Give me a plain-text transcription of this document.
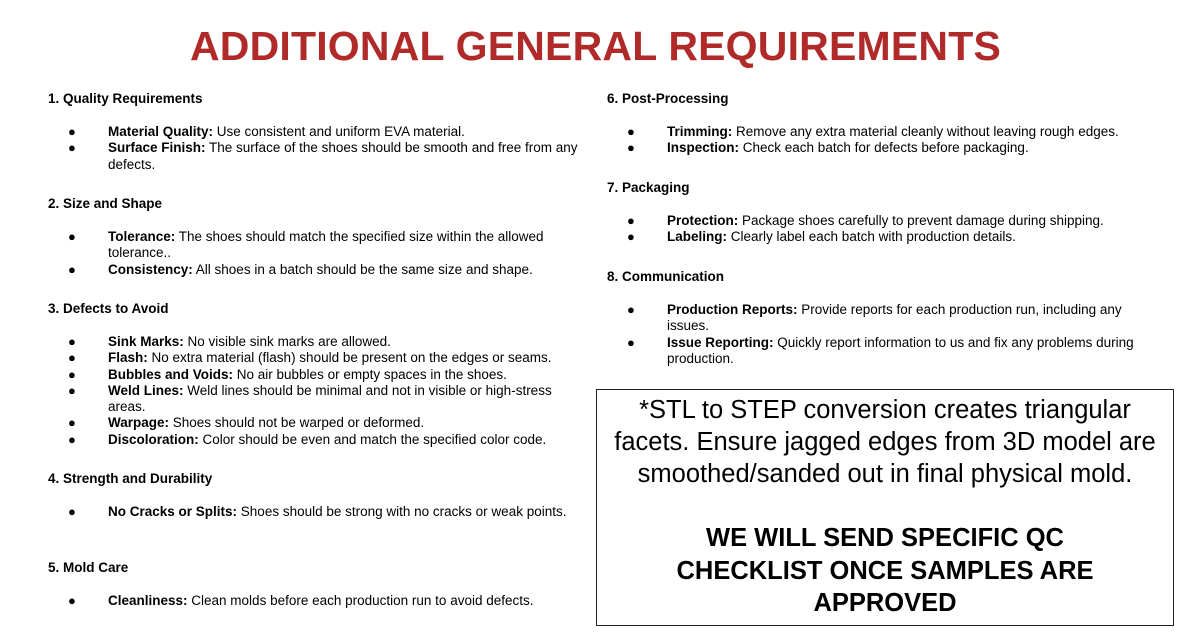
ADDITIONAL GENERAL REQUIREMENTS
1. Quality Requirements
● Material Quality: Use consistent and uniform EVA material.
● Surface Finish: The surface of the shoes should be smooth and free from any defects.
2. Size and Shape
● Tolerance: The shoes should match the specified size within the allowed tolerance..
● Consistency: All shoes in a batch should be the same size and shape.
3. Defects to Avoid
● Sink Marks: No visible sink marks are allowed.
● Flash: No extra material (flash) should be present on the edges or seams.
● Bubbles and Voids: No air bubbles or empty spaces in the shoes.
● Weld Lines: Weld lines should be minimal and not in visible or high-stress areas.
● Warpage: Shoes should not be warped or deformed.
● Discoloration: Color should be even and match the specified color code.
4. Strength and Durability
● No Cracks or Splits: Shoes should be strong with no cracks or weak points.
5. Mold Care
● Cleanliness: Clean molds before each production run to avoid defects.
6. Post-Processing
● Trimming: Remove any extra material cleanly without leaving rough edges.
● Inspection: Check each batch for defects before packaging.
7. Packaging
● Protection: Package shoes carefully to prevent damage during shipping.
● Labeling: Clearly label each batch with production details.
8. Communication
● Production Reports: Provide reports for each production run, including any issues.
● Issue Reporting: Quickly report information to us and fix any problems during production.
*STL to STEP conversion creates triangular facets. Ensure jagged edges from 3D model are smoothed/sanded out in final physical mold.
WE WILL SEND SPECIFIC QC CHECKLIST ONCE SAMPLES ARE APPROVED
